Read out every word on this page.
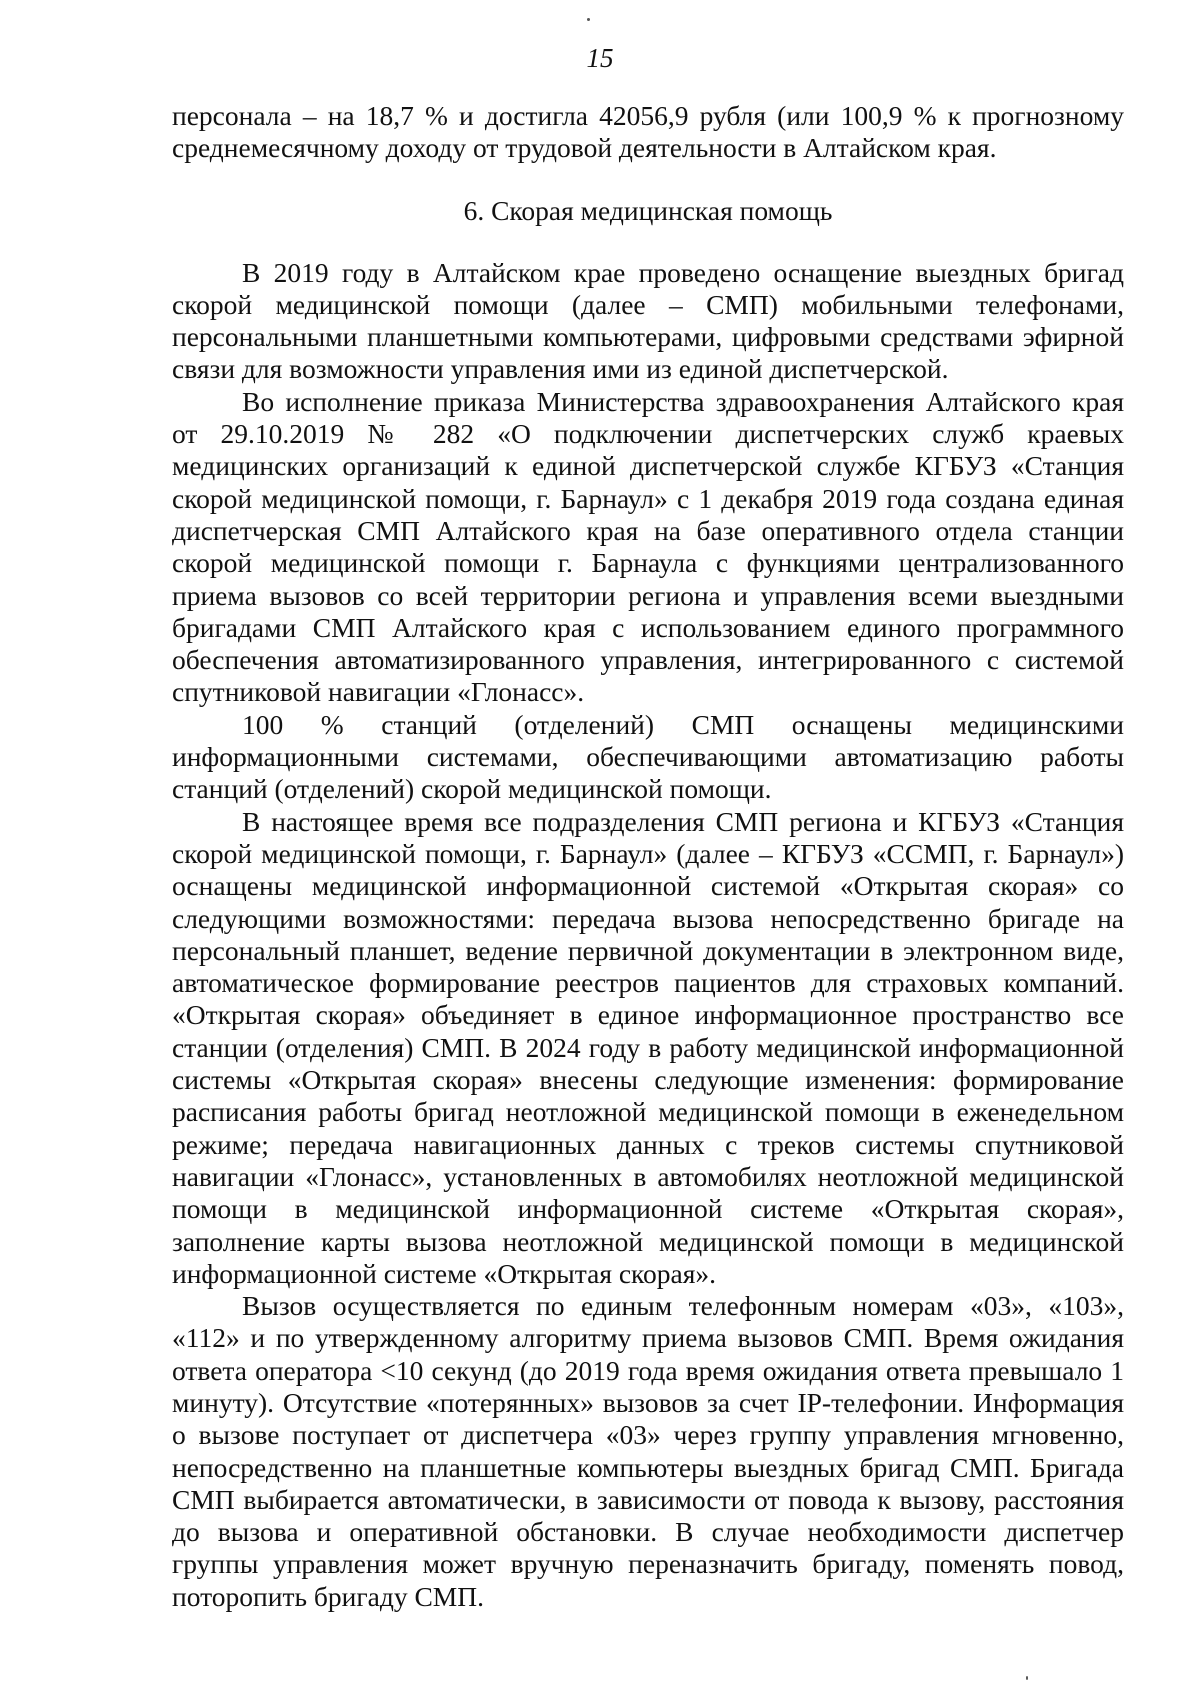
15

персонала – на 18,7 % и достигла 42056,9 рубля (или 100,9 % к прогнозному среднемесячному доходу от трудовой деятельности в Алтайском края.

6. Скорая медицинская помощь

В 2019 году в Алтайском крае проведено оснащение выездных бригад скорой медицинской помощи (далее – СМП) мобильными телефонами, персональными планшетными компьютерами, цифровыми средствами эфирной связи для возможности управления ими из единой диспетчерской.

Во исполнение приказа Министерства здравоохранения Алтайского края от 29.10.2019 № 282 «О подключении диспетчерских служб краевых медицинских организаций к единой диспетчерской службе КГБУЗ «Станция скорой медицинской помощи, г. Барнаул» с 1 декабря 2019 года создана единая диспетчерская СМП Алтайского края на базе оперативного отдела станции скорой медицинской помощи г. Барнаула с функциями централизованного приема вызовов со всей территории региона и управления всеми выездными бригадами СМП Алтайского края с использованием единого программного обеспечения автоматизированного управления, интегрированного с системой спутниковой навигации «Глонасс».

100 % станций (отделений) СМП оснащены медицинскими информационными системами, обеспечивающими автоматизацию работы станций (отделений) скорой медицинской помощи.

В настоящее время все подразделения СМП региона и КГБУЗ «Станция скорой медицинской помощи, г. Барнаул» (далее – КГБУЗ «ССМП, г. Барнаул») оснащены медицинской информационной системой «Открытая скорая» со следующими возможностями: передача вызова непосредственно бригаде на персональный планшет, ведение первичной документации в электронном виде, автоматическое формирование реестров пациентов для страховых компаний. «Открытая скорая» объединяет в единое информационное пространство все станции (отделения) СМП. В 2024 году в работу медицинской информационной системы «Открытая скорая» внесены следующие изменения: формирование расписания работы бригад неотложной медицинской помощи в еженедельном режиме; передача навигационных данных с треков системы спутниковой навигации «Глонасс», установленных в автомобилях неотложной медицинской помощи в медицинской информационной системе «Открытая скорая», заполнение карты вызова неотложной медицинской помощи в медицинской информационной системе «Открытая скорая».

Вызов осуществляется по единым телефонным номерам «03», «103», «112» и по утвержденному алгоритму приема вызовов СМП. Время ожидания ответа оператора <10 секунд (до 2019 года время ожидания ответа превышало 1 минуту). Отсутствие «потерянных» вызовов за счет IP-телефонии. Информация о вызове поступает от диспетчера «03» через группу управления мгновенно, непосредственно на планшетные компьютеры выездных бригад СМП. Бригада СМП выбирается автоматически, в зависимости от повода к вызову, расстояния до вызова и оперативной обстановки. В случае необходимости диспетчер группы управления может вручную переназначить бригаду, поменять повод, поторопить бригаду СМП.
